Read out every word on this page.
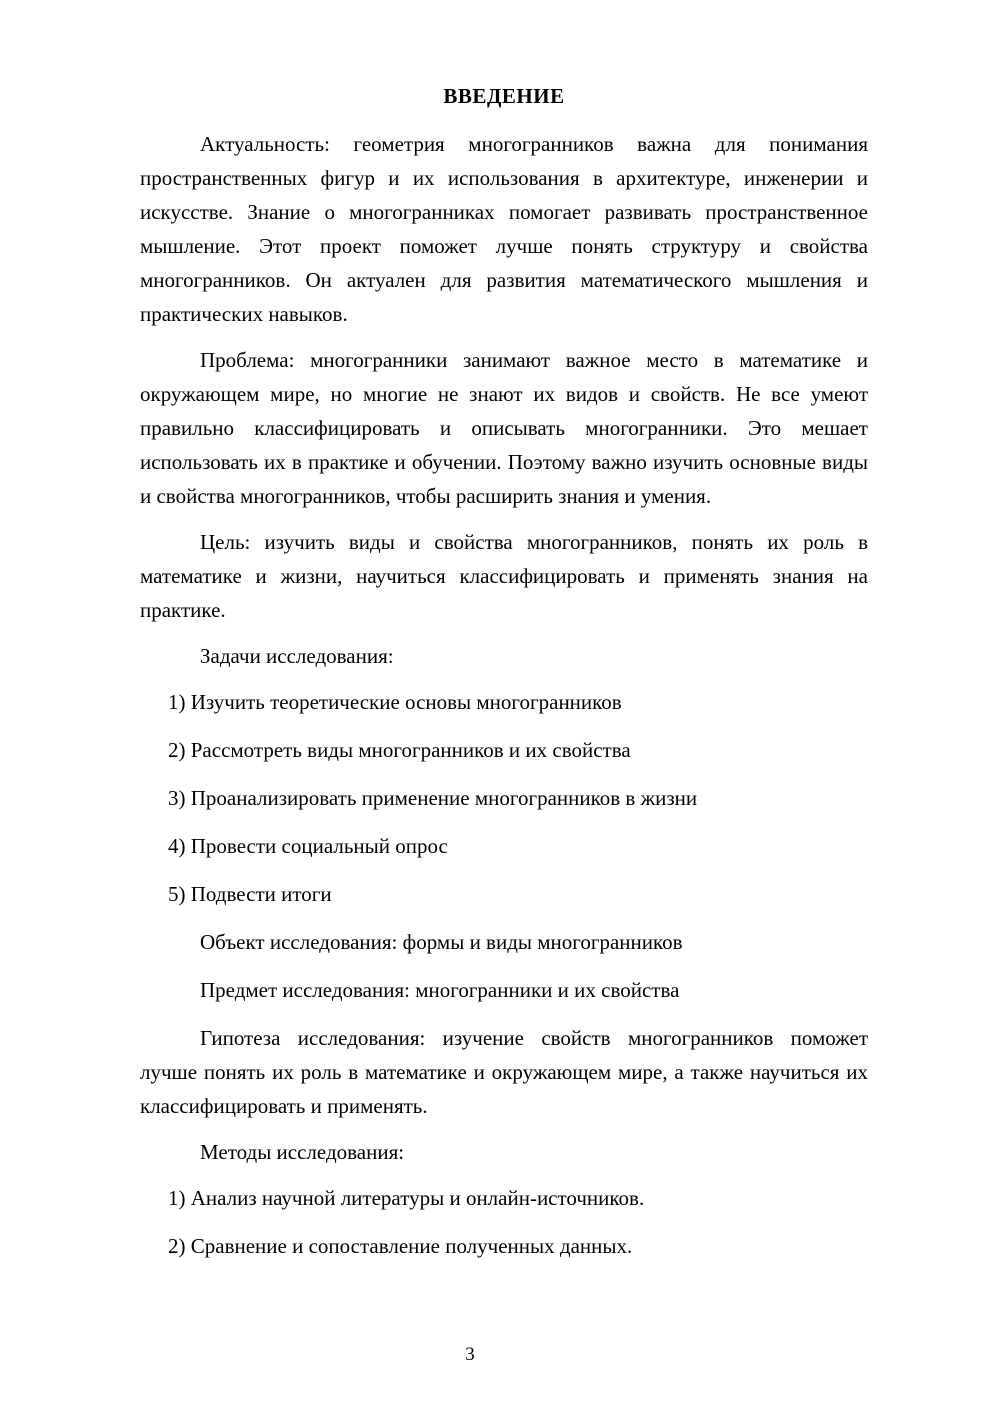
ВВЕДЕНИЕ

Актуальность: геометрия многогранников важна для понимания пространственных фигур и их использования в архитектуре, инженерии и искусстве. Знание о многогранниках помогает развивать пространственное мышление. Этот проект поможет лучше понять структуру и свойства многогранников. Он актуален для развития математического мышления и практических навыков.

Проблема: многогранники занимают важное место в математике и окружающем мире, но многие не знают их видов и свойств. Не все умеют правильно классифицировать и описывать многогранники. Это мешает использовать их в практике и обучении. Поэтому важно изучить основные виды и свойства многогранников, чтобы расширить знания и умения.

Цель: изучить виды и свойства многогранников, понять их роль в математике и жизни, научиться классифицировать и применять знания на практике.

Задачи исследования:

1) Изучить теоретические основы многогранников

2) Рассмотреть виды многогранников и их свойства

3) Проанализировать применение многогранников в жизни

4) Провести социальный опрос

5) Подвести итоги

Объект исследования: формы и виды многогранников

Предмет исследования: многогранники и их свойства

Гипотеза исследования: изучение свойств многогранников поможет лучше понять их роль в математике и окружающем мире, а также научиться их классифицировать и применять.

Методы исследования:

1) Анализ научной литературы и онлайн-источников.

2) Сравнение и сопоставление полученных данных.

3
